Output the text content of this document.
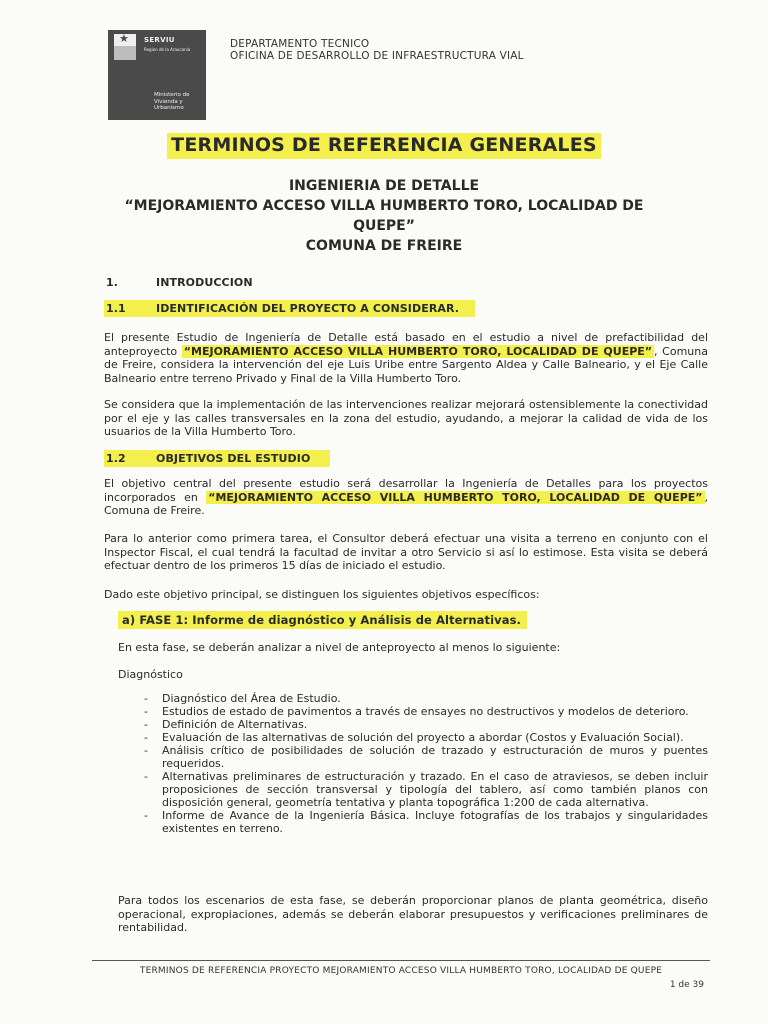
★ SERVIU
Region de la Araucania
Ministerio de Vivienda y Urbanismo
DEPARTAMENTO TECNICO
OFICINA DE DESARROLLO DE INFRAESTRUCTURA VIAL
TERMINOS DE REFERENCIA GENERALES
INGENIERIA DE DETALLE
“MEJORAMIENTO ACCESO VILLA HUMBERTO TORO, LOCALIDAD DE
QUEPE”
COMUNA DE FREIRE
1.	INTRODUCCION
1.1	IDENTIFICACIÓN DEL PROYECTO A CONSIDERAR.
El presente Estudio de Ingeniería de Detalle está basado en el estudio a nivel de prefactibilidad del anteproyecto “MEJORAMIENTO ACCESO VILLA HUMBERTO TORO, LOCALIDAD DE QUEPE” , Comuna de Freire, considera la intervención del eje Luis Uribe entre Sargento Aldea y Calle Balneario, y el Eje Calle Balneario entre terreno Privado y Final de la Villa Humberto Toro.
Se considera que la implementación de las intervenciones realizar mejorará ostensiblemente la conectividad por el eje y las calles transversales en la zona del estudio, ayudando, a mejorar la calidad de vida de los usuarios de la Villa Humberto Toro.
1.2	OBJETIVOS DEL ESTUDIO
El objetivo central del presente estudio será desarrollar la Ingeniería de Detalles para los proyectos incorporados en “MEJORAMIENTO ACCESO VILLA HUMBERTO TORO, LOCALIDAD DE QUEPE” , Comuna de Freire.
Para lo anterior como primera tarea, el Consultor deberá efectuar una visita a terreno en conjunto con el Inspector Fiscal, el cual tendrá la facultad de invitar a otro Servicio si así lo estimose. Esta visita se deberá efectuar dentro de los primeros 15 días de iniciado el estudio.
Dado este objetivo principal, se distinguen los siguientes objetivos específicos:
a) FASE 1: Informe de diagnóstico y Análisis de Alternativas.
En esta fase, se deberán analizar a nivel de anteproyecto al menos lo siguiente:
Diagnóstico
- Diagnóstico del Área de Estudio.
- Estudios de estado de pavimentos a través de ensayes no destructivos y modelos de deterioro.
- Definición de Alternativas.
- Evaluación de las alternativas de solución del proyecto a abordar (Costos y Evaluación Social).
- Análisis crítico de posibilidades de solución de trazado y estructuración de muros y puentes requeridos.
- Alternativas preliminares de estructuración y trazado. En el caso de atraviesos, se deben incluir proposiciones de sección transversal y tipología del tablero, así como también planos con disposición general, geometría tentativa y planta topográfica 1:200 de cada alternativa.
- Informe de Avance de la Ingeniería Básica. Incluye fotografías de los trabajos y singularidades existentes en terreno.
Para todos los escenarios de esta fase, se deberán proporcionar planos de planta geométrica, diseño operacional, expropiaciones, además se deberán elaborar presupuestos y verificaciones preliminares de rentabilidad.
TERMINOS DE REFERENCIA PROYECTO MEJORAMIENTO ACCESO VILLA HUMBERTO TORO, LOCALIDAD DE QUEPE
1 de 39
